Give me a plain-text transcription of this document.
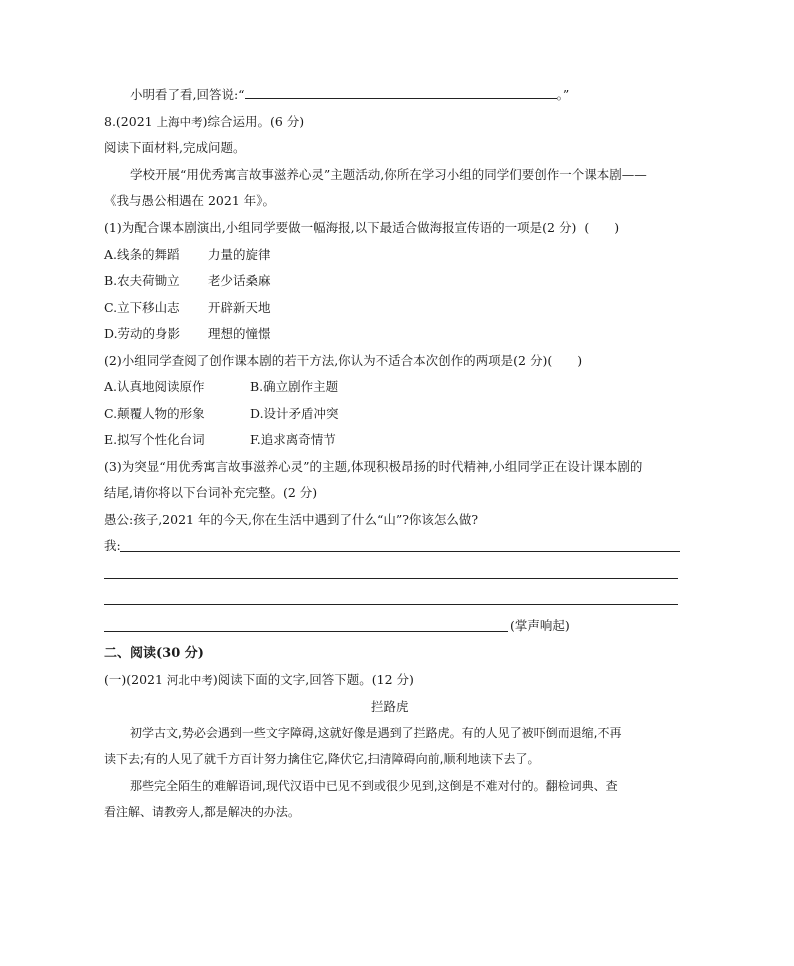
小明看了看,回答说:“	。”
8.(2021 上海中考)综合运用。(6 分)
阅读下面材料,完成问题。
学校开展“用优秀寓言故事滋养心灵”主题活动,你所在学习小组的同学们要创作一个课本剧——
《我与愚公相遇在 2021 年》。
(1)为配合课本剧演出,小组同学要做一幅海报,以下最适合做海报宣传语的一项是(2 分) (　　)
A.线条的舞蹈 力量的旋律
B.农夫荷锄立 老少话桑麻
C.立下移山志 开辟新天地
D.劳动的身影 理想的憧憬
(2)小组同学查阅了创作课本剧的若干方法,你认为不适合本次创作的两项是(2 分)(　　)
A.认真地阅读原作	B.确立剧作主题
C.颠覆人物的形象	D.设计矛盾冲突
E.拟写个性化台词	F.追求离奇情节
(3)为突显“用优秀寓言故事滋养心灵”的主题,体现积极昂扬的时代精神,小组同学正在设计课本剧的
结尾,请你将以下台词补充完整。(2 分)
愚公:孩子,2021 年的今天,你在生活中遇到了什么“山”?你该怎么做?
我:
(掌声响起)
二、阅读(30 分)
(一)(2021 河北中考)阅读下面的文字,回答下题。(12 分)
拦路虎
初学古文,势必会遇到一些文字障碍,这就好像是遇到了拦路虎。有的人见了被吓倒而退缩,不再
读下去;有的人见了就千方百计努力擒住它,降伏它,扫清障碍向前,顺利地读下去了。
那些完全陌生的难解语词,现代汉语中已见不到或很少见到,这倒是不难对付的。翻检词典、查
看注解、请教旁人,都是解决的办法。
